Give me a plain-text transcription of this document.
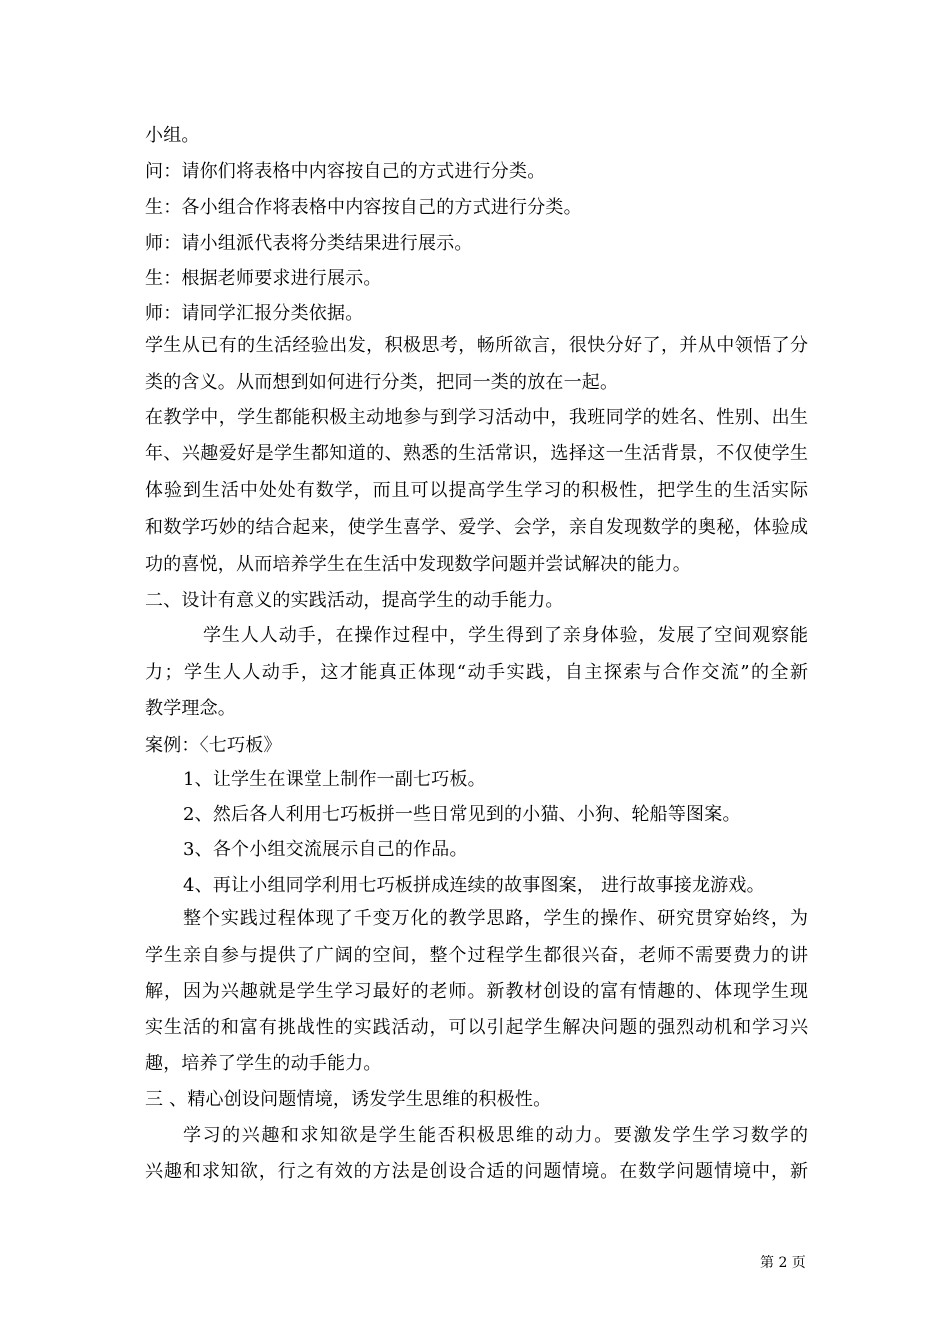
小组。
问：请你们将表格中内容按自己的方式进行分类。
生：各小组合作将表格中内容按自己的方式进行分类。
师：请小组派代表将分类结果进行展示。
生：根据老师要求进行展示。
师：请同学汇报分类依据。
学生从已有的生活经验出发，积极思考，畅所欲言，很快分好了，并从中领悟了分
类的含义。从而想到如何进行分类，把同一类的放在一起。
在教学中，学生都能积极主动地参与到学习活动中，我班同学的姓名、性别、出生
年、兴趣爱好是学生都知道的、熟悉的生活常识，选择这一生活背景，不仅使学生
体验到生活中处处有数学，而且可以提高学生学习的积极性，把学生的生活实际
和数学巧妙的结合起来，使学生喜学、爱学、会学，亲自发现数学的奥秘，体验成
功的喜悦，从而培养学生在生活中发现数学问题并尝试解决的能力。
二、设计有意义的实践活动，提高学生的动手能力。
学生人人动手，在操作过程中，学生得到了亲身体验，发展了空间观察能
力；学生人人动手，这才能真正体现“动手实践，自主探索与合作交流”的全新
教学理念。
案例：〈七巧板》
1、让学生在课堂上制作一副七巧板。
2、然后各人利用七巧板拼一些日常见到的小猫、小狗、轮船等图案。
3、各个小组交流展示自己的作品。
4、再让小组同学利用七巧板拼成连续的故事图案， 进行故事接龙游戏。
整个实践过程体现了千变万化的教学思路，学生的操作、研究贯穿始终，为
学生亲自参与提供了广阔的空间，整个过程学生都很兴奋，老师不需要费力的讲
解，因为兴趣就是学生学习最好的老师。新教材创设的富有情趣的、体现学生现
实生活的和富有挑战性的实践活动，可以引起学生解决问题的强烈动机和学习兴
趣，培养了学生的动手能力。
三 、精心创设问题情境，诱发学生思维的积极性。
学习的兴趣和求知欲是学生能否积极思维的动力。要激发学生学习数学的
兴趣和求知欲，行之有效的方法是创设合适的问题情境。在数学问题情境中，新
第 2 页
